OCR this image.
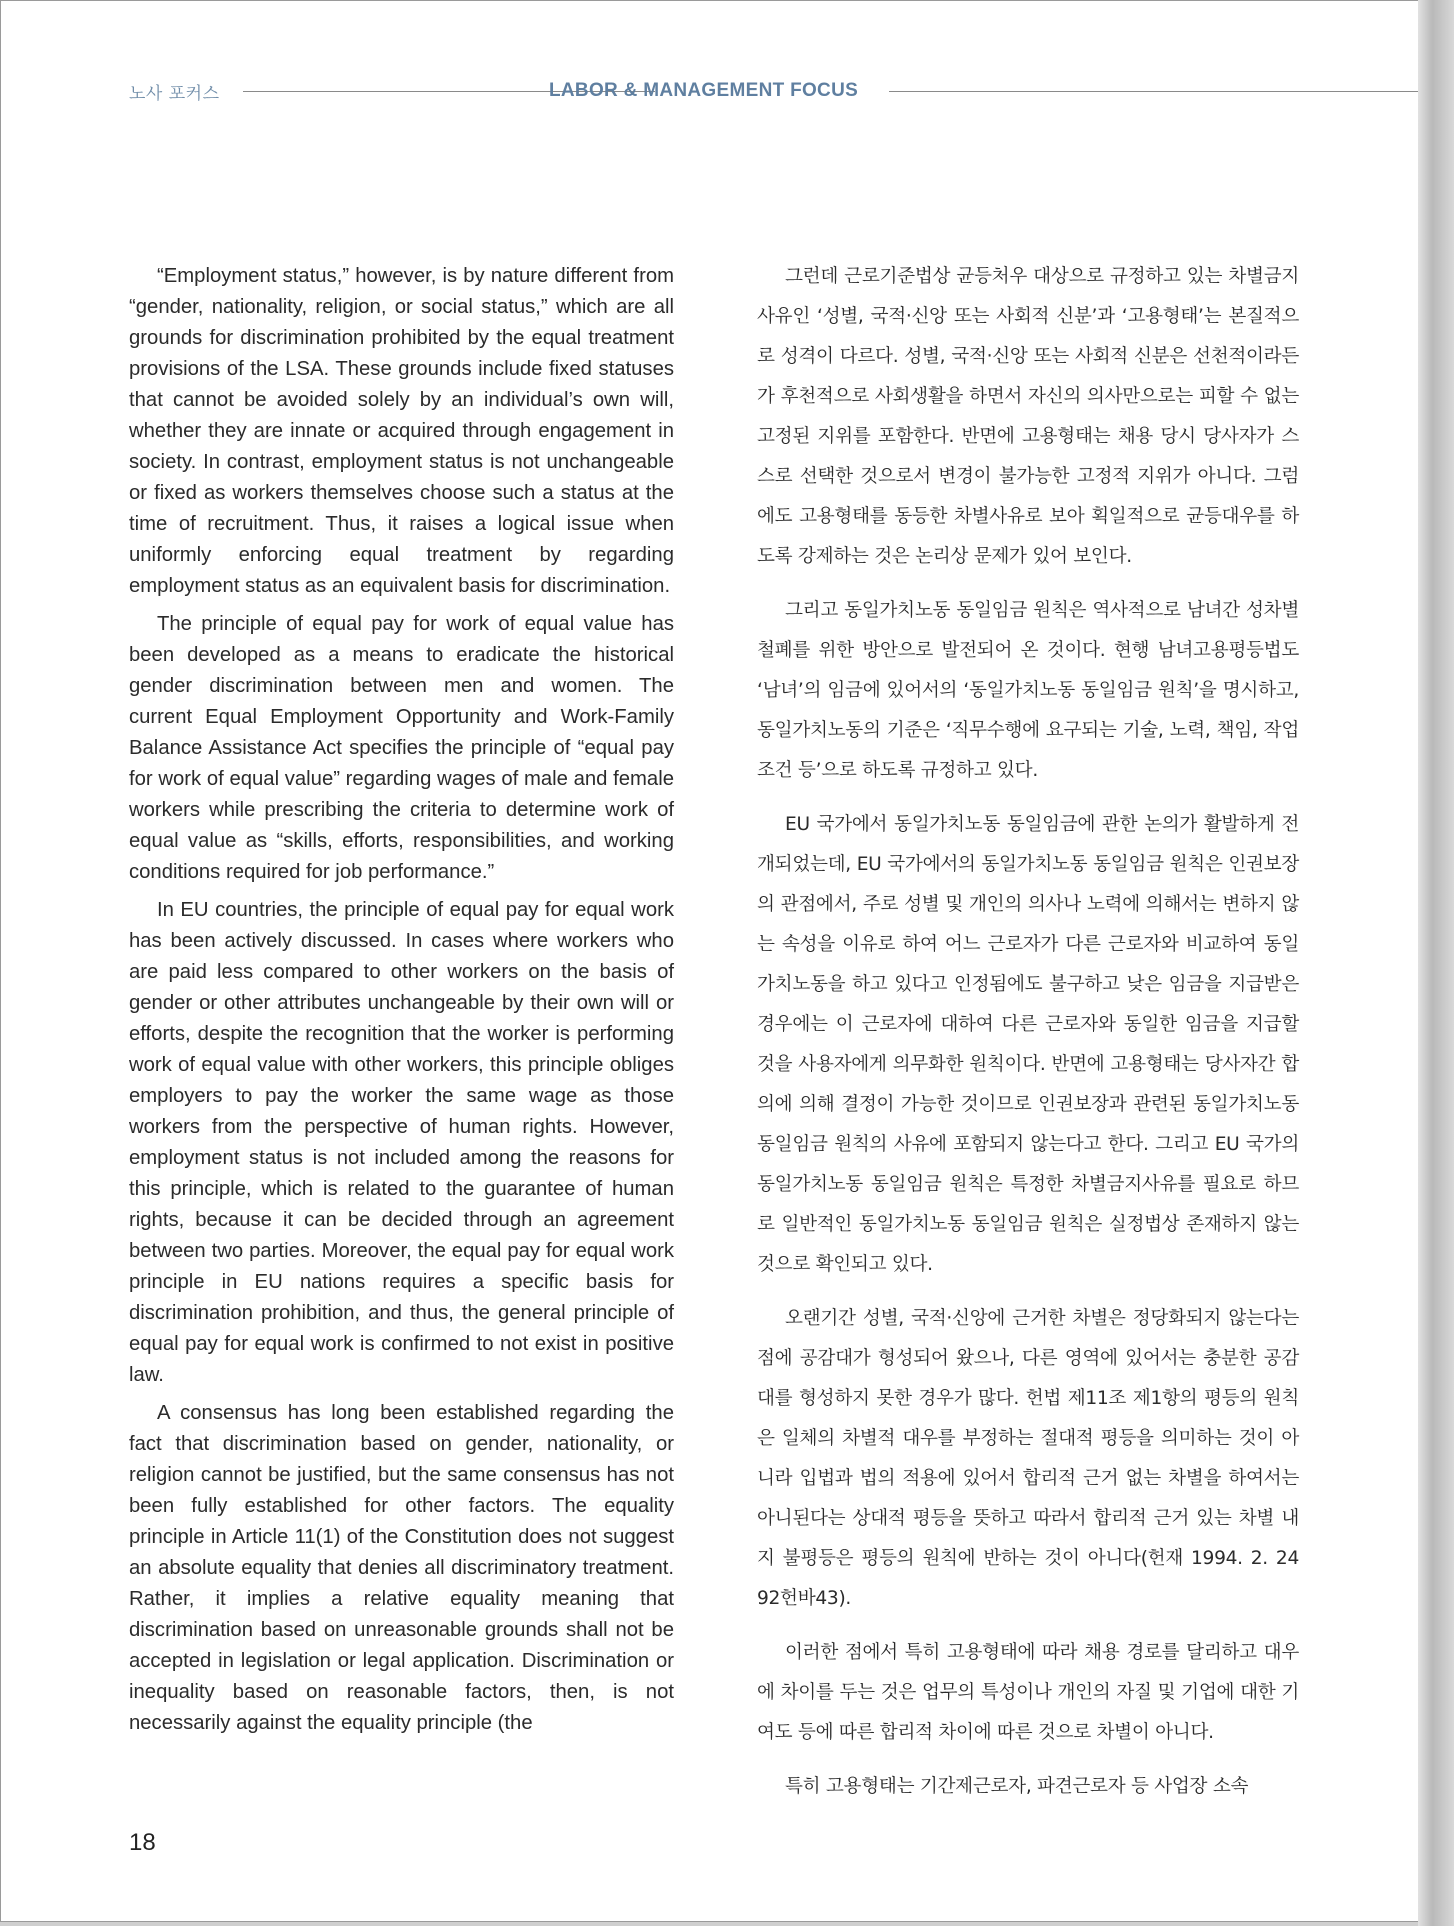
노사 포커스	LABOR & MANAGEMENT FOCUS

“Employment status,” however, is by nature different from “gender, nationality, religion, or social status,” which are all grounds for discrimination prohibited by the equal treatment provisions of the LSA. These grounds include fixed statuses that cannot be avoided solely by an individual’s own will, whether they are innate or acquired through engagement in society. In contrast, employment status is not unchangeable or fixed as workers themselves choose such a status at the time of recruitment. Thus, it raises a logical issue when uniformly enforcing equal treatment by regarding employment status as an equivalent basis for discrimination.

The principle of equal pay for work of equal value has been developed as a means to eradicate the historical gender discrimination between men and women. The current Equal Employment Opportunity and Work-Family Balance Assistance Act specifies the principle of “equal pay for work of equal value” regarding wages of male and female workers while prescribing the criteria to determine work of equal value as “skills, efforts, responsibilities, and working conditions required for job performance.”

In EU countries, the principle of equal pay for equal work has been actively discussed. In cases where workers who are paid less compared to other workers on the basis of gender or other attributes unchangeable by their own will or efforts, despite the recognition that the worker is performing work of equal value with other workers, this principle obliges employers to pay the worker the same wage as those workers from the perspective of human rights. However, employment status is not included among the reasons for this principle, which is related to the guarantee of human rights, because it can be decided through an agreement between two parties. Moreover, the equal pay for equal work principle in EU nations requires a specific basis for discrimination prohibition, and thus, the general principle of equal pay for equal work is confirmed to not exist in positive law.

A consensus has long been established regarding the fact that discrimination based on gender, nationality, or religion cannot be justified, but the same consensus has not been fully established for other factors. The equality principle in Article 11(1) of the Constitution does not suggest an absolute equality that denies all discriminatory treatment. Rather, it implies a relative equality meaning that discrimination based on unreasonable grounds shall not be accepted in legislation or legal application. Discrimination or inequality based on reasonable factors, then, is not necessarily against the equality principle (the

그런데 근로기준법상 균등처우 대상으로 규정하고 있는 차별금지 사유인 ‘성별, 국적·신앙 또는 사회적 신분’과 ‘고용형태’는 본질적으로 성격이 다르다. 성별, 국적·신앙 또는 사회적 신분은 선천적이라든가 후천적으로 사회생활을 하면서 자신의 의사만으로는 피할 수 없는 고정된 지위를 포함한다. 반면에 고용형태는 채용 당시 당사자가 스스로 선택한 것으로서 변경이 불가능한 고정적 지위가 아니다. 그럼에도 고용형태를 동등한 차별사유로 보아 획일적으로 균등대우를 하도록 강제하는 것은 논리상 문제가 있어 보인다.

그리고 동일가치노동 동일임금 원칙은 역사적으로 남녀간 성차별 철폐를 위한 방안으로 발전되어 온 것이다. 현행 남녀고용평등법도 ‘남녀’의 임금에 있어서의 ‘동일가치노동 동일임금 원칙’을 명시하고, 동일가치노동의 기준은 ‘직무수행에 요구되는 기술, 노력, 책임, 작업조건 등’으로 하도록 규정하고 있다.

EU 국가에서 동일가치노동 동일임금에 관한 논의가 활발하게 전개되었는데, EU 국가에서의 동일가치노동 동일임금 원칙은 인권보장의 관점에서, 주로 성별 및 개인의 의사나 노력에 의해서는 변하지 않는 속성을 이유로 하여 어느 근로자가 다른 근로자와 비교하여 동일가치노동을 하고 있다고 인정됨에도 불구하고 낮은 임금을 지급받은 경우에는 이 근로자에 대하여 다른 근로자와 동일한 임금을 지급할 것을 사용자에게 의무화한 원칙이다. 반면에 고용형태는 당사자간 합의에 의해 결정이 가능한 것이므로 인권보장과 관련된 동일가치노동 동일임금 원칙의 사유에 포함되지 않는다고 한다. 그리고 EU 국가의 동일가치노동 동일임금 원칙은 특정한 차별금지사유를 필요로 하므로 일반적인 동일가치노동 동일임금 원칙은 실정법상 존재하지 않는 것으로 확인되고 있다.

오랜기간 성별, 국적·신앙에 근거한 차별은 정당화되지 않는다는 점에 공감대가 형성되어 왔으나, 다른 영역에 있어서는 충분한 공감대를 형성하지 못한 경우가 많다. 헌법 제11조 제1항의 평등의 원칙은 일체의 차별적 대우를 부정하는 절대적 평등을 의미하는 것이 아니라 입법과 법의 적용에 있어서 합리적 근거 없는 차별을 하여서는 아니된다는 상대적 평등을 뜻하고 따라서 합리적 근거 있는 차별 내지 불평등은 평등의 원칙에 반하는 것이 아니다(헌재 1994. 2. 24 92헌바43).

이러한 점에서 특히 고용형태에 따라 채용 경로를 달리하고 대우에 차이를 두는 것은 업무의 특성이나 개인의 자질 및 기업에 대한 기여도 등에 따른 합리적 차이에 따른 것으로 차별이 아니다.

특히 고용형태는 기간제근로자, 파견근로자 등 사업장 소속

18
